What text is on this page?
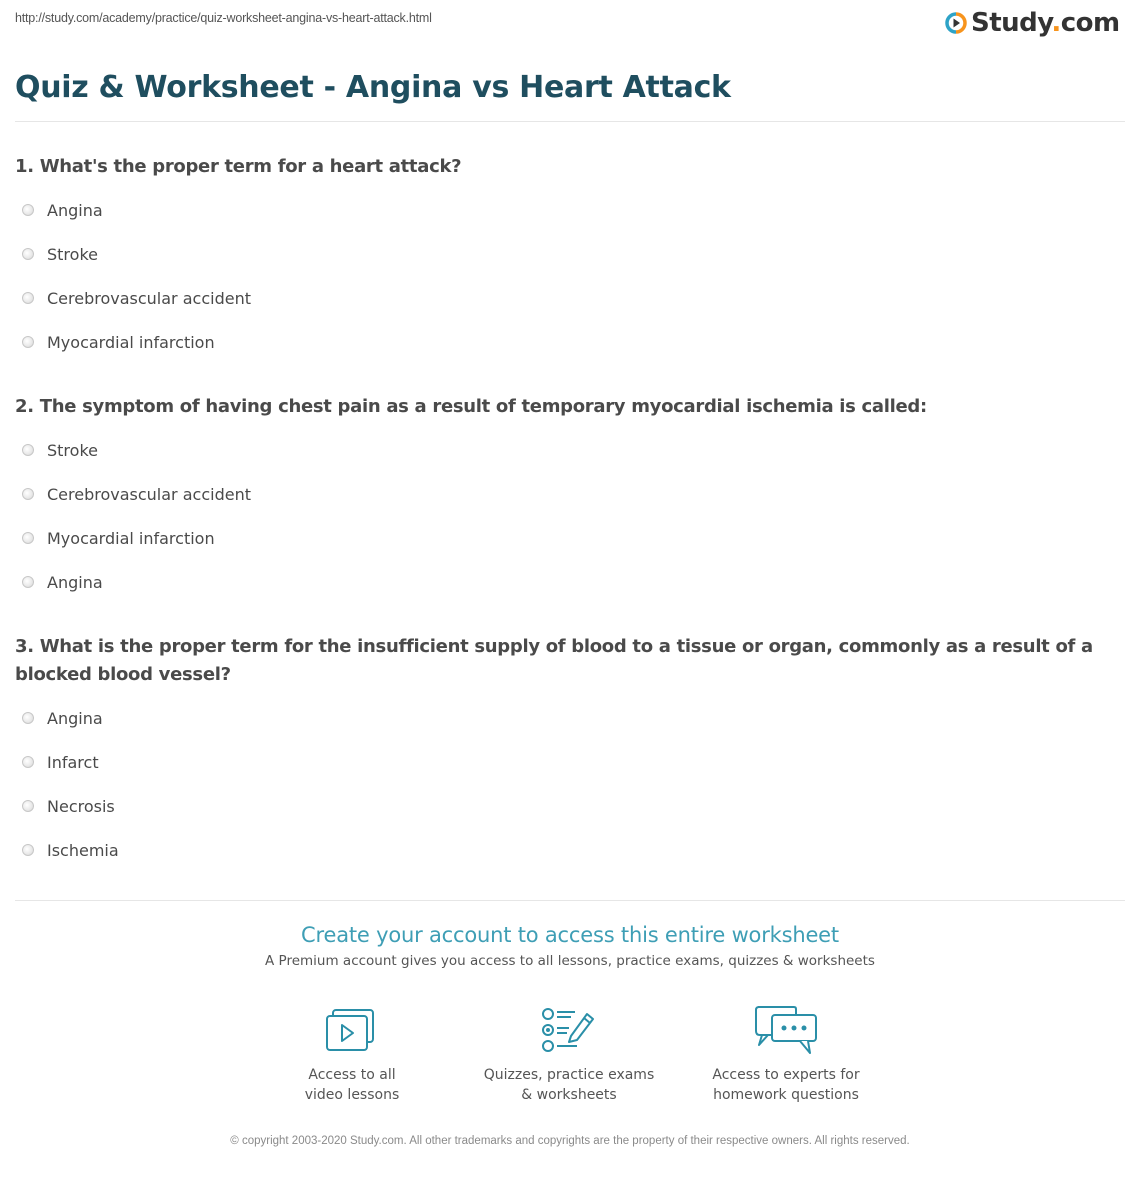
http://study.com/academy/practice/quiz-worksheet-angina-vs-heart-attack.html	Study.com
Quiz & Worksheet - Angina vs Heart Attack
1. What's the proper term for a heart attack?
Angina
Stroke
Cerebrovascular accident
Myocardial infarction
2. The symptom of having chest pain as a result of temporary myocardial ischemia is called:
Stroke
Cerebrovascular accident
Myocardial infarction
Angina
3. What is the proper term for the insufficient supply of blood to a tissue or organ, commonly as a result of a blocked blood vessel?
Angina
Infarct
Necrosis
Ischemia
Create your account to access this entire worksheet
A Premium account gives you access to all lessons, practice exams, quizzes & worksheets
Access to all
video lessons
Quizzes, practice exams
& worksheets
Access to experts for
homework questions
© copyright 2003-2020 Study.com. All other trademarks and copyrights are the property of their respective owners. All rights reserved.
